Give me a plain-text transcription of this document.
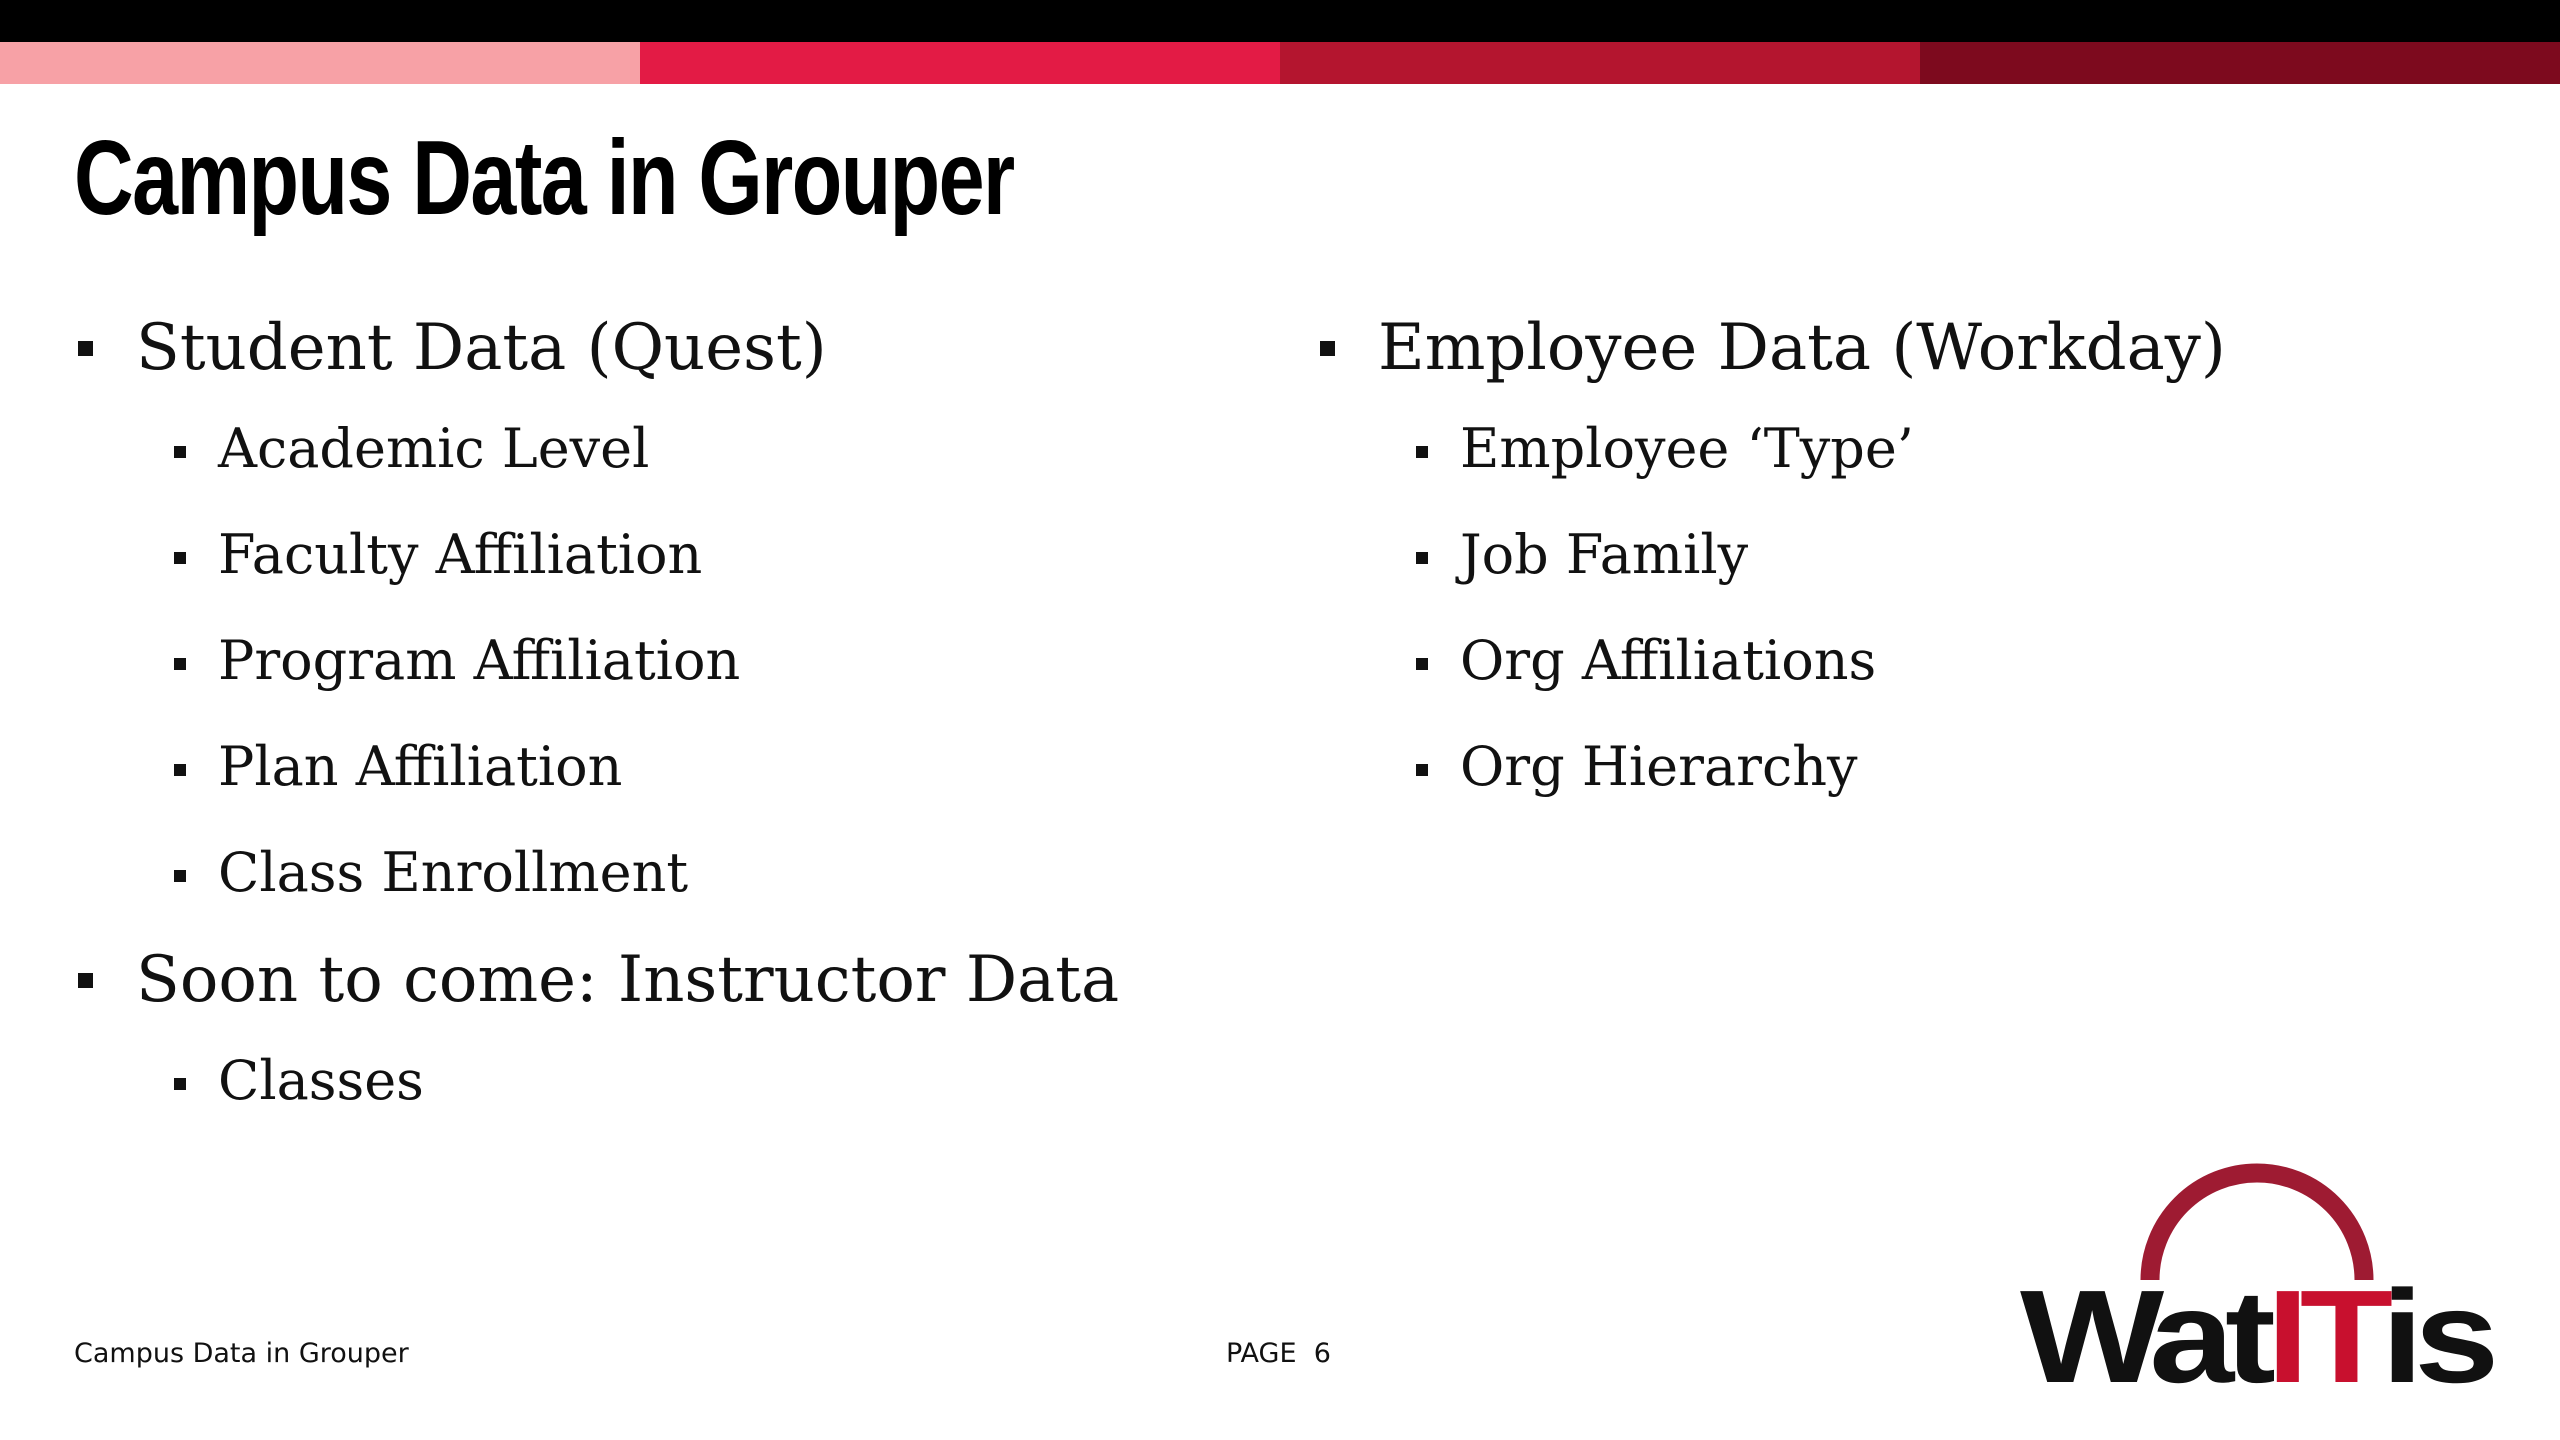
Campus Data in Grouper
Student Data (Quest)
Academic Level
Faculty Affiliation
Program Affiliation
Plan Affiliation
Class Enrollment
Soon to come: Instructor Data
Classes
Employee Data (Workday)
Employee ‘Type’
Job Family
Org Affiliations
Org Hierarchy
Campus Data in Grouper	PAGE 6	Wat IT is
